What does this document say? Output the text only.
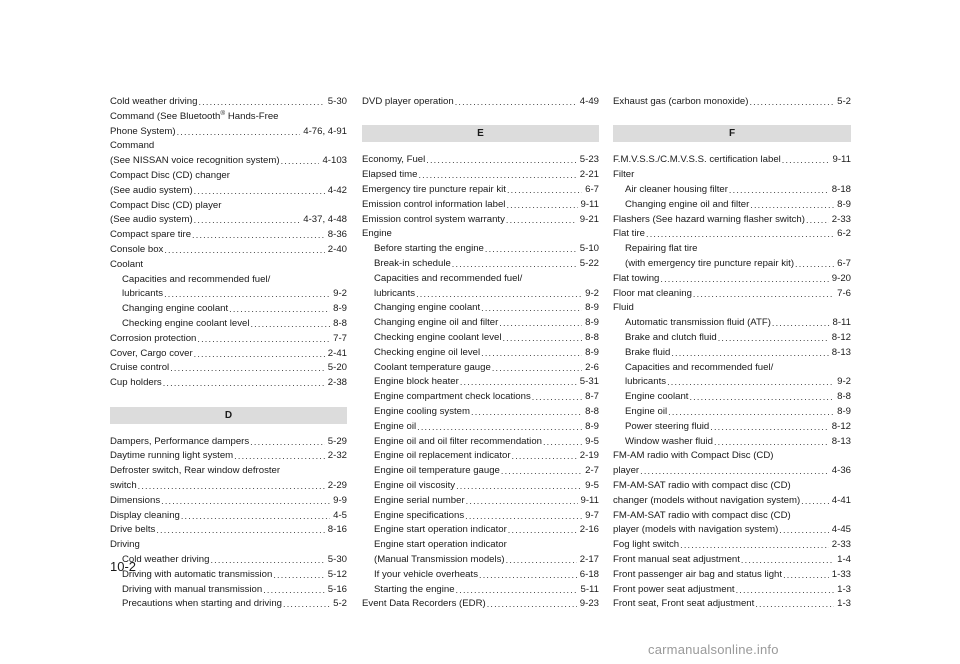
Cold weather driving .....	5-30
Command (See Bluetooth® Hands-Free
Phone System) .....	4-76, 4-91
Command
(See NISSAN voice recognition system) .....	4-103
Compact Disc (CD) changer
(See audio system) .....	4-42
Compact Disc (CD) player
(See audio system) .....	4-37, 4-48
Compact spare tire .....	8-36
Console box .....	2-40
Coolant
Capacities and recommended fuel/
lubricants .....	9-2
Changing engine coolant .....	8-9
Checking engine coolant level .....	8-8
Corrosion protection .....	7-7
Cover, Cargo cover .....	2-41
Cruise control .....	5-20
Cup holders .....	2-38
D
Dampers, Performance dampers .....	5-29
Daytime running light system .....	2-32
Defroster switch, Rear window defroster
switch .....	2-29
Dimensions .....	9-9
Display cleaning .....	4-5
Drive belts .....	8-16
Driving
Cold weather driving .....	5-30
Driving with automatic transmission .....	5-12
Driving with manual transmission .....	5-16
Precautions when starting and driving .....	5-2
DVD player operation .....	4-49
E
Economy, Fuel .....	5-23
Elapsed time .....	2-21
Emergency tire puncture repair kit .....	6-7
Emission control information label .....	9-11
Emission control system warranty .....	9-21
Engine
Before starting the engine .....	5-10
Break-in schedule .....	5-22
Capacities and recommended fuel/
lubricants .....	9-2
Changing engine coolant .....	8-9
Changing engine oil and filter .....	8-9
Checking engine coolant level .....	8-8
Checking engine oil level .....	8-9
Coolant temperature gauge .....	2-6
Engine block heater .....	5-31
Engine compartment check locations .....	8-7
Engine cooling system .....	8-8
Engine oil .....	8-9
Engine oil and oil filter recommendation .....	9-5
Engine oil replacement indicator .....	2-19
Engine oil temperature gauge .....	2-7
Engine oil viscosity .....	9-5
Engine serial number .....	9-11
Engine specifications .....	9-7
Engine start operation indicator .....	2-16
Engine start operation indicator
(Manual Transmission models) .....	2-17
If your vehicle overheats .....	6-18
Starting the engine .....	5-11
Event Data Recorders (EDR) .....	9-23
Exhaust gas (carbon monoxide) .....	5-2
F
F.M.V.S.S./C.M.V.S.S. certification label .....	9-11
Filter
Air cleaner housing filter .....	8-18
Changing engine oil and filter .....	8-9
Flashers (See hazard warning flasher switch) .....	2-33
Flat tire .....	6-2
Repairing flat tire
(with emergency tire puncture repair kit) .....	6-7
Flat towing .....	9-20
Floor mat cleaning .....	7-6
Fluid
Automatic transmission fluid (ATF) .....	8-11
Brake and clutch fluid .....	8-12
Brake fluid .....	8-13
Capacities and recommended fuel/
lubricants .....	9-2
Engine coolant .....	8-8
Engine oil .....	8-9
Power steering fluid .....	8-12
Window washer fluid .....	8-13
FM-AM radio with Compact Disc (CD)
player .....	4-36
FM-AM-SAT radio with compact disc (CD)
changer (models without navigation system) .....	4-41
FM-AM-SAT radio with compact disc (CD)
player (models with navigation system) .....	4-45
Fog light switch .....	2-33
Front manual seat adjustment .....	1-4
Front passenger air bag and status light .....	1-33
Front power seat adjustment .....	1-3
Front seat, Front seat adjustment .....	1-3
10-2
carmanualsonline.info
